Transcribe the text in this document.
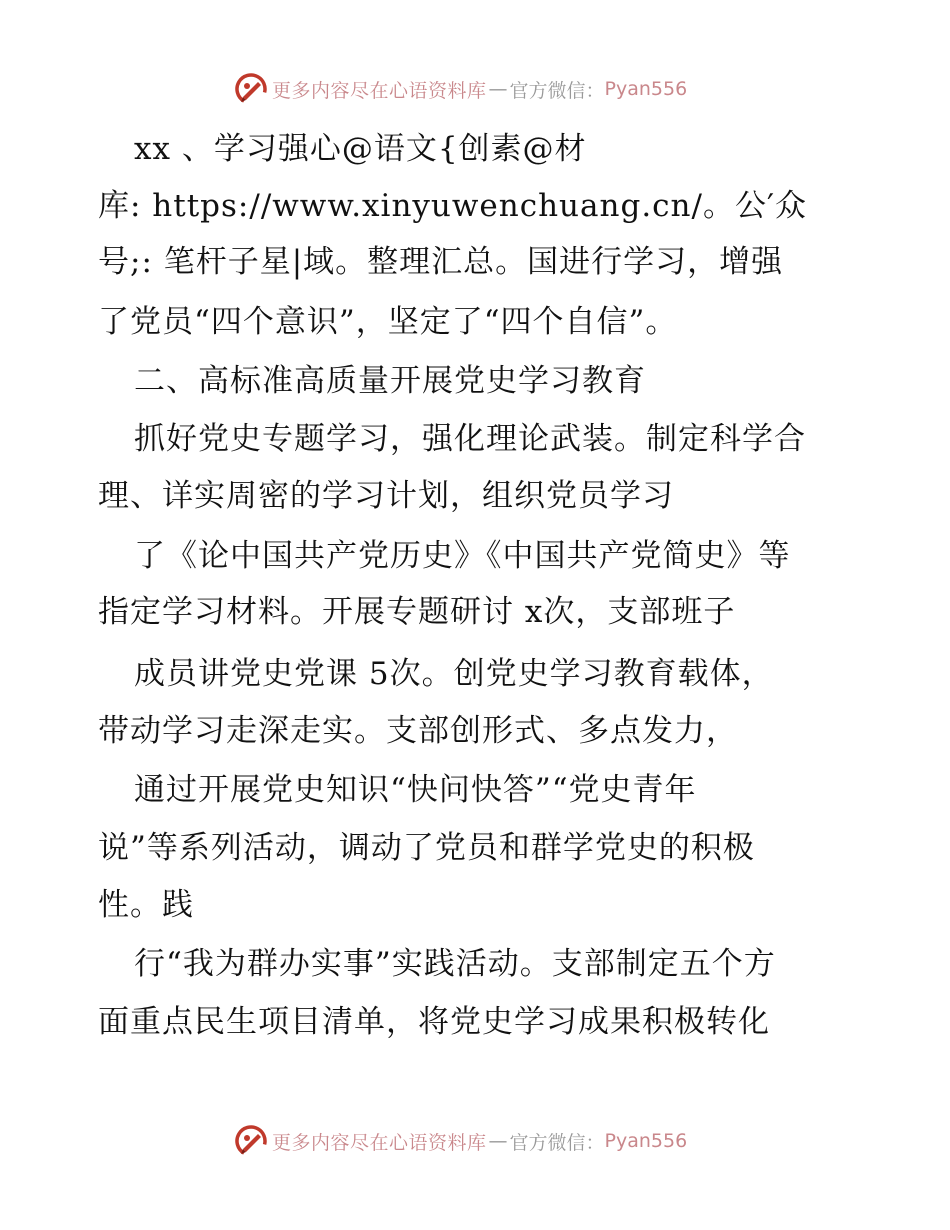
更多内容尽在心语资料库 — 官方微信： Pyan556
xx 、学习强心@语文{创素@材
库: https://www.xinyuwenchuang.cn/。公′众
号;: 笔杆子星|域。整理汇总。国进行学习，增强
了党员“四个意识”，坚定了“四个自信”。
二、高标准高质量开展党史学习教育
抓好党史专题学习，强化理论武装。制定科学合
理、详实周密的学习计划，组织党员学习
了《论中国共产党历史》《中国共产党简史》等
指定学习材料。开展专题研讨 x次，支部班子
成员讲党史党课 5次。创党史学习教育载体，
带动学习走深走实。支部创形式、多点发力，
通过开展党史知识“快问快答”“党史青年
说”等系列活动，调动了党员和群学党史的积极
性。践
行“我为群办实事”实践活动。支部制定五个方
面重点民生项目清单，将党史学习成果积极转化
更多内容尽在心语资料库 — 官方微信： Pyan556
